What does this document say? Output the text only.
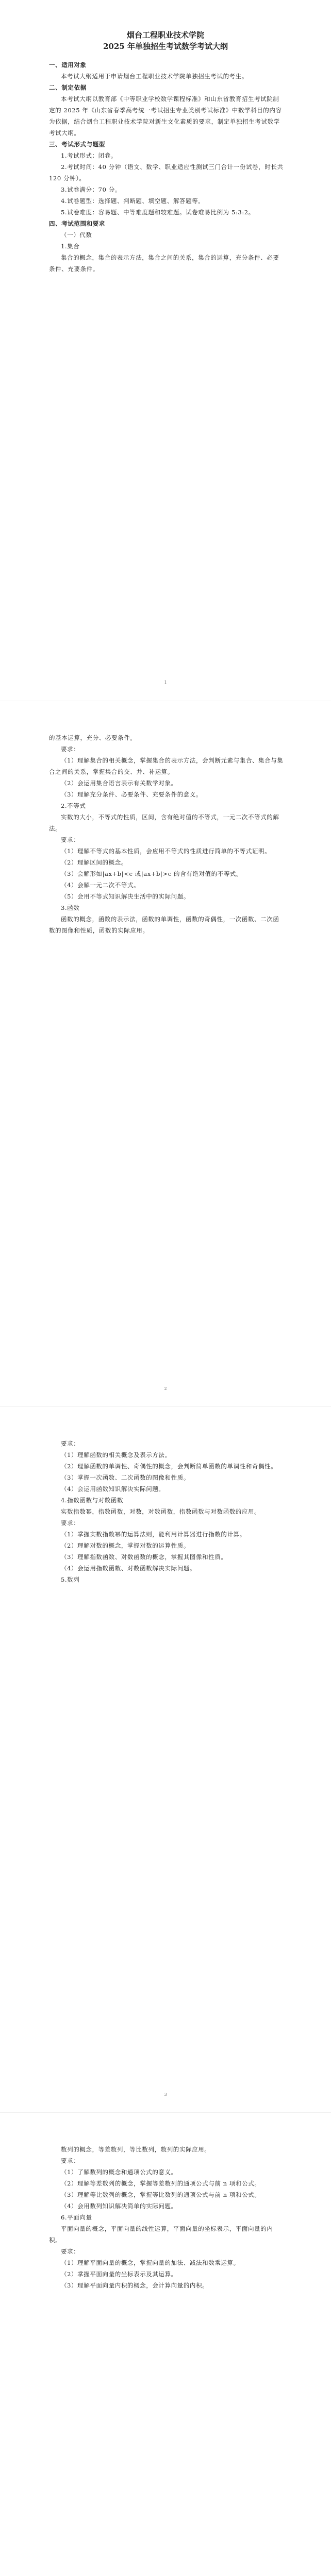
烟台工程职业技术学院

2025 年单独招生考试数学考试大纲

一、适用对象

本考试大纲适用于申请烟台工程职业技术学院单独招生考试的考生。

二、制定依据

本考试大纲以教育部《中等职业学校数学课程标准》和山东省教育招生考试院制定的 2025 年《山东省春季高考统一考试招生专业类别考试标准》中数学科目的内容为依据，结合烟台工程职业技术学院对新生文化素质的要求，制定单独招生考试数学考试大纲。

三、考试形式与题型

1.考试形式：闭卷。

2.考试时间：40 分钟（语文、数学、职业适应性测试三门合计一份试卷，时长共 120 分钟）。

3.试卷满分：70 分。

4.试卷题型：选择题、判断题、填空题、解答题等。

5.试卷难度：容易题、中等难度题和较难题。试卷难易比例为 5:3:2。

四、考试范围和要求

（一）代数

1.集合

集合的概念，集合的表示方法，集合之间的关系，集合的运算，充分条件、必要条件、充要条件。

1

的基本运算，充分、必要条件。

要求：

（1）理解集合的相关概念，掌握集合的表示方法，会判断元素与集合、集合与集合之间的关系，掌握集合的交、并、补运算。

（2）会运用集合语言表示有关数学对象。

（3）理解充分条件、必要条件、充要条件的意义。

2.不等式

实数的大小，不等式的性质，区间，含有绝对值的不等式，一元二次不等式的解法。

要求：

（1）理解不等式的基本性质，会应用不等式的性质进行简单的不等式证明。

（2）理解区间的概念。

（3）会解形如|ax+b|<c 或|ax+b|>c 的含有绝对值的不等式。

（4）会解一元二次不等式。

（5）会用不等式知识解决生活中的实际问题。

3.函数

函数的概念，函数的表示法，函数的单调性，函数的奇偶性，一次函数、二次函数的图像和性质，函数的实际应用。

2

要求：

（1）理解函数的相关概念及表示方法。

（2）理解函数的单调性、奇偶性的概念，会判断简单函数的单调性和奇偶性。

（3）掌握一次函数、二次函数的图像和性质。

（4）会运用函数知识解决实际问题。

4.指数函数与对数函数

实数指数幂，指数函数，对数，对数函数，指数函数与对数函数的应用。

要求：

（1）掌握实数指数幂的运算法则，能利用计算器进行指数的计算。

（2）理解对数的概念，掌握对数的运算性质。

（3）理解指数函数、对数函数的概念，掌握其图像和性质。

（4）会运用指数函数、对数函数解决实际问题。

5.数列

3

数列的概念，等差数列，等比数列，数列的实际应用。

要求：

（1）了解数列的概念和通项公式的意义。

（2）理解等差数列的概念，掌握等差数列的通项公式与前 n 项和公式。

（3）理解等比数列的概念，掌握等比数列的通项公式与前 n 项和公式。

（4）会用数列知识解决简单的实际问题。

6.平面向量

平面向量的概念，平面向量的线性运算，平面向量的坐标表示，平面向量的内积。

要求：

（1）理解平面向量的概念，掌握向量的加法、减法和数乘运算。

（2）掌握平面向量的坐标表示及其运算。

（3）理解平面向量内积的概念，会计算向量的内积。
